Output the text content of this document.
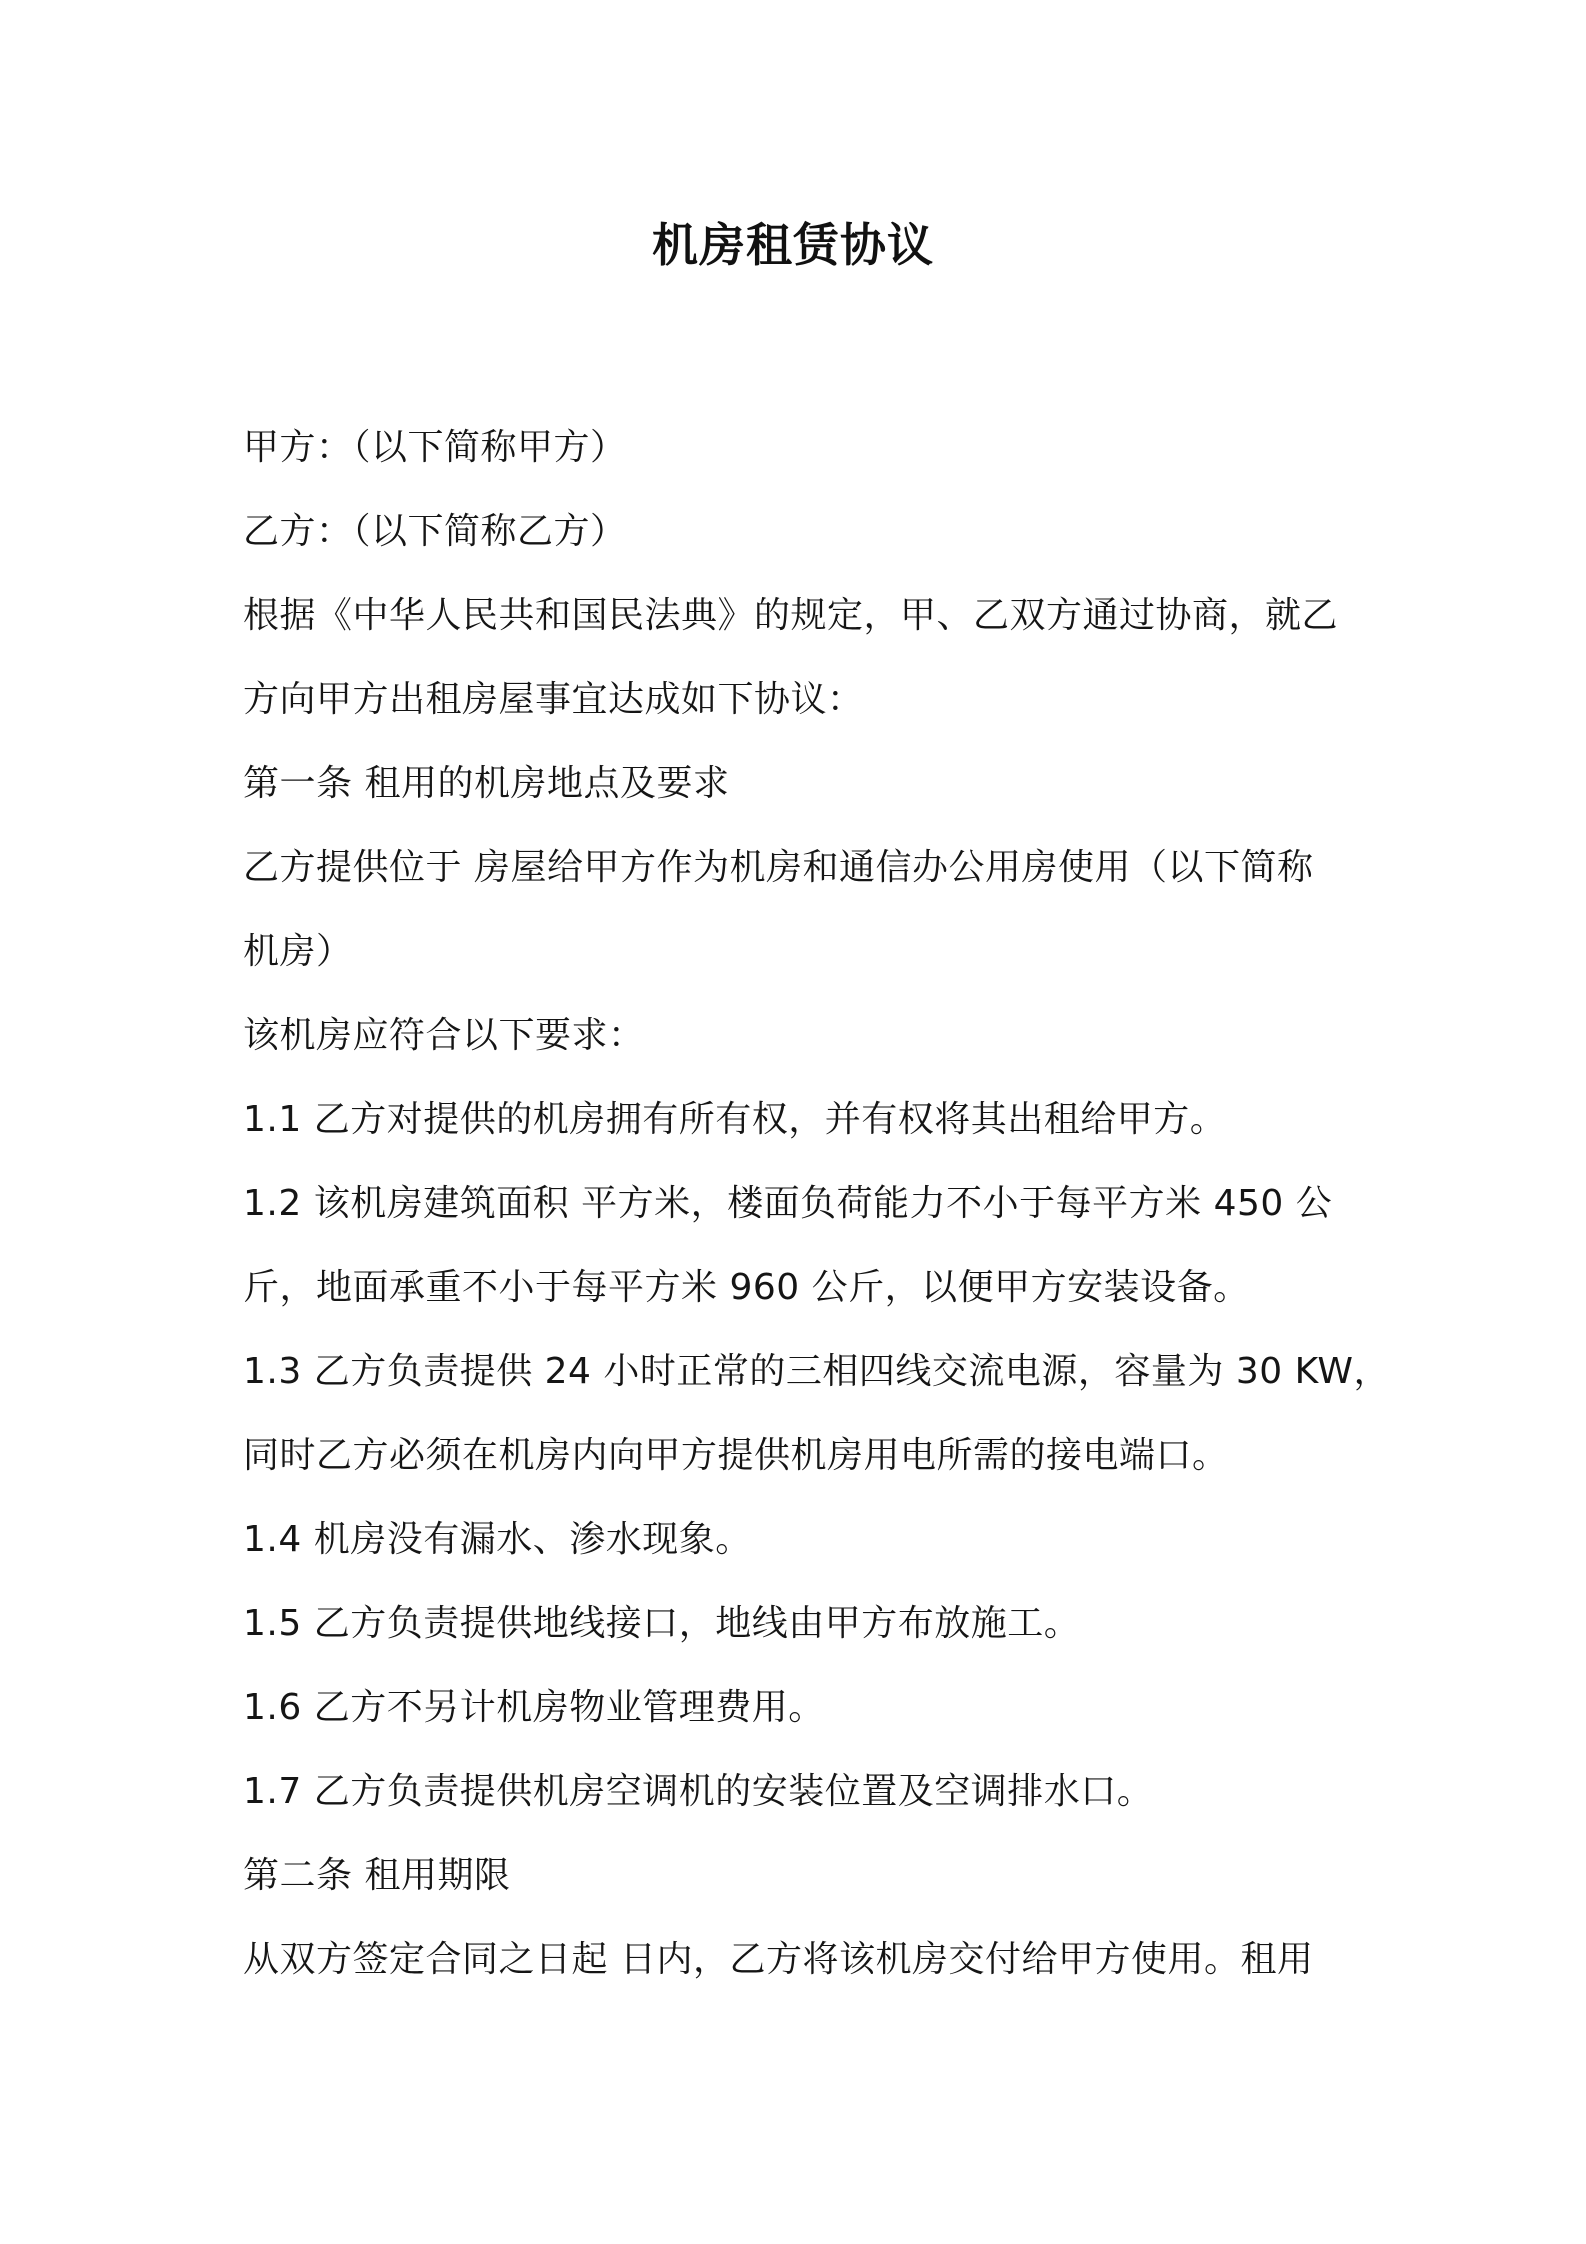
机房租赁协议
甲方：（以下简称甲方）
乙方：（以下简称乙方）
根据《中华人民共和国民法典》的规定，甲、乙双方通过协商，就乙
方向甲方出租房屋事宜达成如下协议：
第一条 租用的机房地点及要求
乙方提供位于 房屋给甲方作为机房和通信办公用房使用（以下简称
机房）
该机房应符合以下要求：
1.1 乙方对提供的机房拥有所有权，并有权将其出租给甲方。
1.2 该机房建筑面积 平方米，楼面负荷能力不小于每平方米 450 公
斤，地面承重不小于每平方米 960 公斤，以便甲方安装设备。
1.3 乙方负责提供 24 小时正常的三相四线交流电源，容量为 30 KW，
同时乙方必须在机房内向甲方提供机房用电所需的接电端口。
1.4 机房没有漏水、渗水现象。
1.5 乙方负责提供地线接口，地线由甲方布放施工。
1.6 乙方不另计机房物业管理费用。
1.7 乙方负责提供机房空调机的安装位置及空调排水口。
第二条 租用期限
从双方签定合同之日起 日内，乙方将该机房交付给甲方使用。租用
